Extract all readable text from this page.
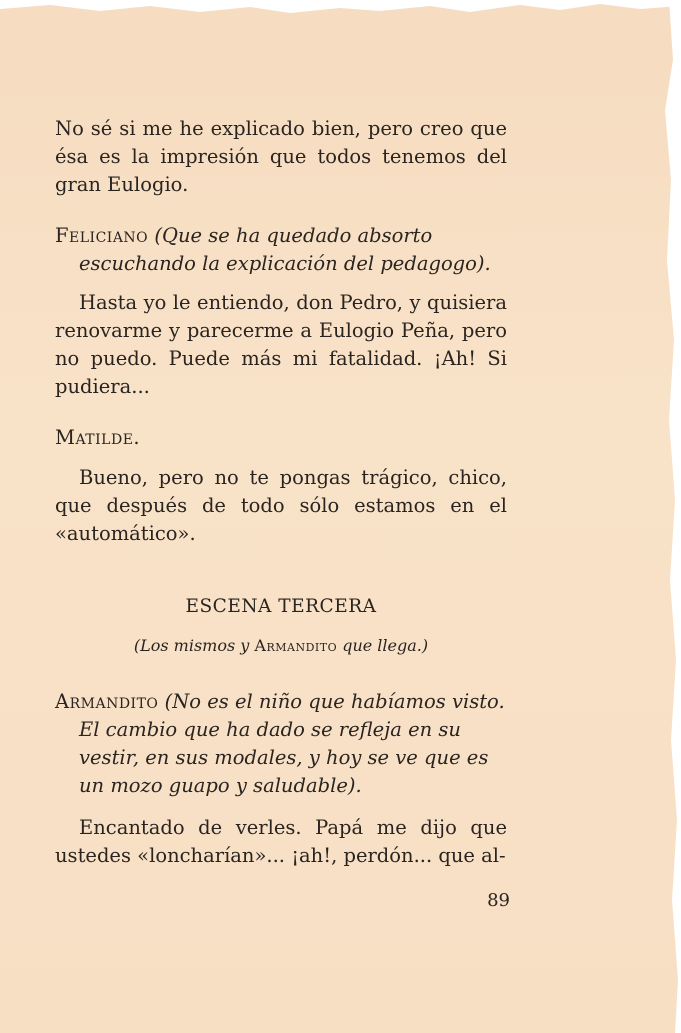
No sé si me he explicado bien, pero creo que ésa es la impresión que todos tenemos del gran Eulogio.

Feliciano (Que se ha quedado absorto escuchando la explicación del pedagogo).

Hasta yo le entiendo, don Pedro, y quisiera renovarme y parecerme a Eulogio Peña, pero no puedo. Puede más mi fatalidad. ¡Ah! Si pudiera...

Matilde.

Bueno, pero no te pongas trágico, chico, que después de todo sólo estamos en el «automático».

ESCENA TERCERA

(Los mismos y Armandito que llega.)

Armandito (No es el niño que habíamos visto. El cambio que ha dado se refleja en su vestir, en sus modales, y hoy se ve que es un mozo guapo y saludable).

Encantado de verles. Papá me dijo que ustedes «loncharían»... ¡ah!, perdón... que al-

89
